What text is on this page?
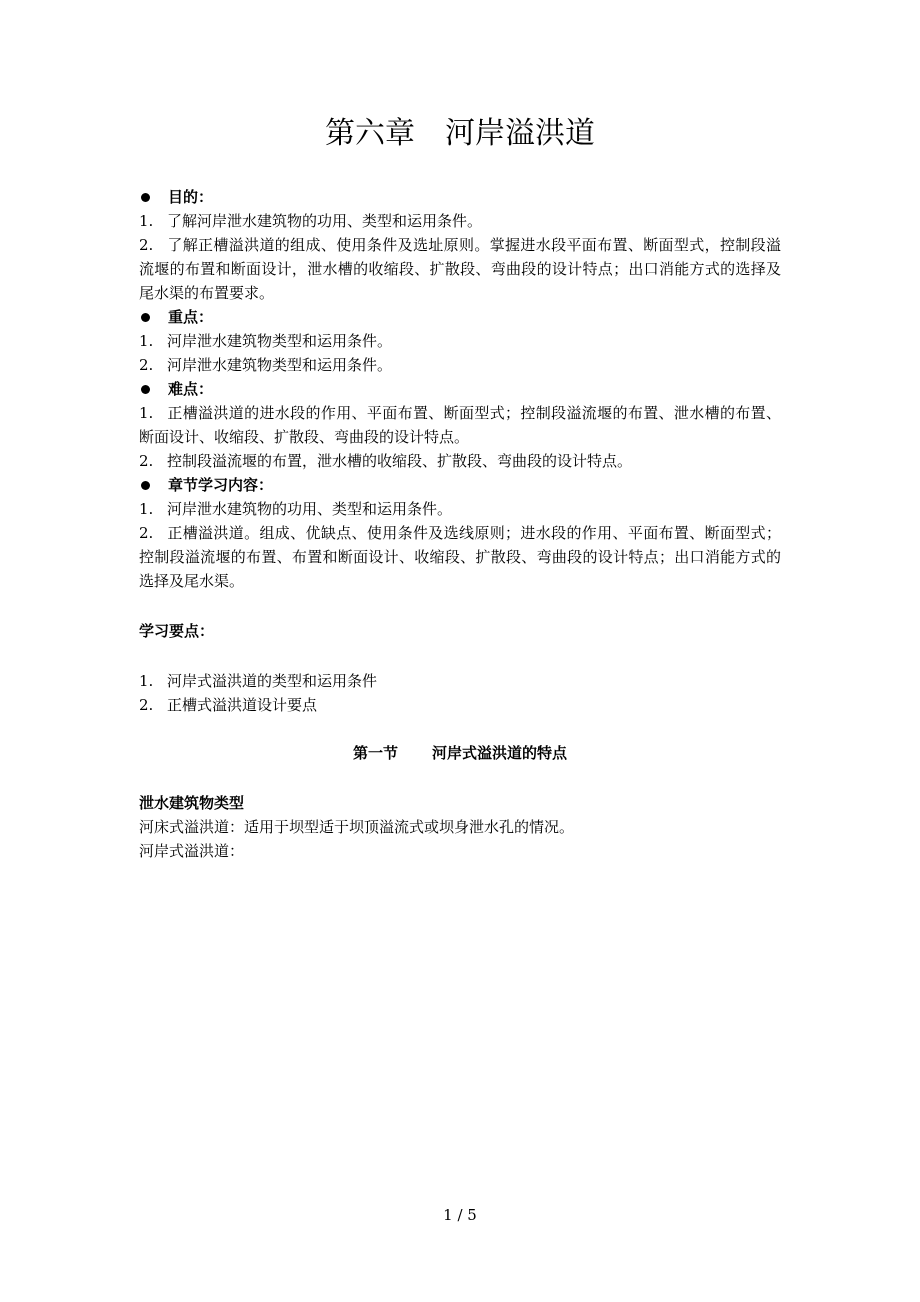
第六章 河岸溢洪道

目的：

1. 了解河岸泄水建筑物的功用、类型和运用条件。

2. 了解正槽溢洪道的组成、使用条件及选址原则。掌握进水段平面布置、断面型式，控制段溢流堰的布置和断面设计，泄水槽的收缩段、扩散段、弯曲段的设计特点；出口消能方式的选择及尾水渠的布置要求。

重点：

1. 河岸泄水建筑物类型和运用条件。

2. 河岸泄水建筑物类型和运用条件。

难点：

1. 正槽溢洪道的进水段的作用、平面布置、断面型式；控制段溢流堰的布置、泄水槽的布置、断面设计、收缩段、扩散段、弯曲段的设计特点。

2. 控制段溢流堰的布置，泄水槽的收缩段、扩散段、弯曲段的设计特点。

章节学习内容：

1. 河岸泄水建筑物的功用、类型和运用条件。

2. 正槽溢洪道。组成、优缺点、使用条件及选线原则；进水段的作用、平面布置、断面型式；控制段溢流堰的布置、布置和断面设计、收缩段、扩散段、弯曲段的设计特点；出口消能方式的选择及尾水渠。

学习要点：

1. 河岸式溢洪道的类型和运用条件

2. 正槽式溢洪道设计要点

第一节 河岸式溢洪道的特点

泄水建筑物类型

河床式溢洪道：适用于坝型适于坝顶溢流式或坝身泄水孔的情况。

河岸式溢洪道：

1 / 5
